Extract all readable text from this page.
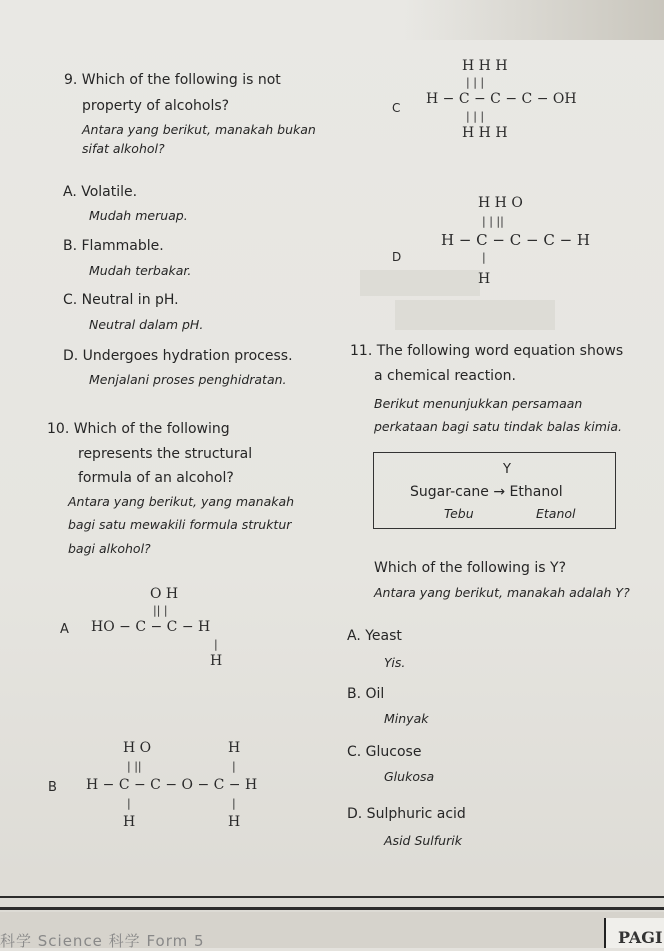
9. Which of the following is not
property of alcohols?
Antara yang berikut, manakah bukan
sifat alkohol?
A. Volatile.
Mudah meruap.
B. Flammable.
Mudah terbakar.
C. Neutral in pH.
Neutral dalam pH.
D. Undergoes hydration process.
Menjalani proses penghidratan.
C
H H H
| | |
H − C − C − C − OH
| | |
H H H
D
H H O
| | ||
H − C − C − C − H
|
H
10. Which of the following
represents the structural
formula of an alcohol?
Antara yang berikut, yang manakah
bagi satu mewakili formula struktur
bagi alkohol?
A
O H
|| |
HO − C − C − H
|
H
B
H O	H
| ||	|
H − C − C − O − C − H
|	|
H	H
11. The following word equation shows
a chemical reaction.
Berikut menunjukkan persamaan
perkataan bagi satu tindak balas kimia.
Y
Sugar-cane → Ethanol
Tebu	Etanol
Which of the following is Y?
Antara yang berikut, manakah adalah Y?
A. Yeast
Yis.
B. Oil
Minyak
C. Glucose
Glukosa
D. Sulphuric acid
Asid Sulfurik
科学 Science 科学 Form 5	PAGI
